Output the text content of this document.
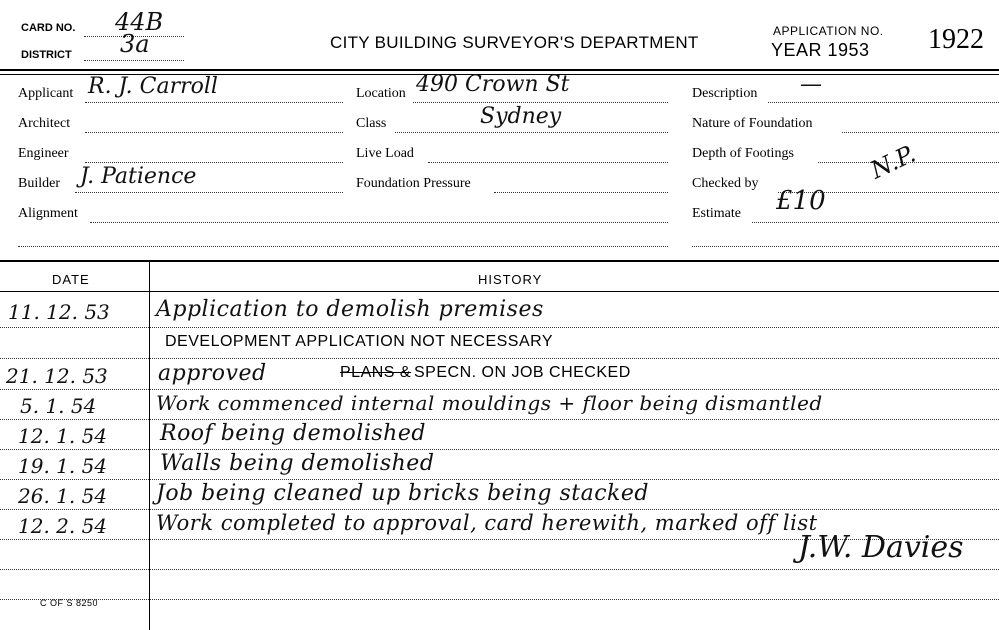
CARD NO. 44B
DISTRICT 3a	CITY BUILDING SURVEYOR'S DEPARTMENT
APPLICATION NO.
YEAR 1953 1922
Applicant R. J. Carroll
Architect
Engineer
Builder J. Patience
Alignment
Location 490 Crown St
Class	Sydney
Live Load
Foundation Pressure
Description —
Nature of Foundation
Depth of Footings
Checked by	N.P.
Estimate £10
DATE	HISTORY
11. 12. 53 Application to demolish premises
DEVELOPMENT APPLICATION NOT NECESSARY
21. 12. 53 approved	PLANS & SPECN. ON JOB CHECKED
5. 1. 54	Work commenced internal mouldings + floor being dismantled
12. 1. 54 Roof being demolished
19. 1. 54 Walls being demolished
26. 1. 54 Job being cleaned up bricks being stacked
12. 2. 54 Work completed to approval, card herewith, marked off list
J.W. Davies
C OF S 8250
